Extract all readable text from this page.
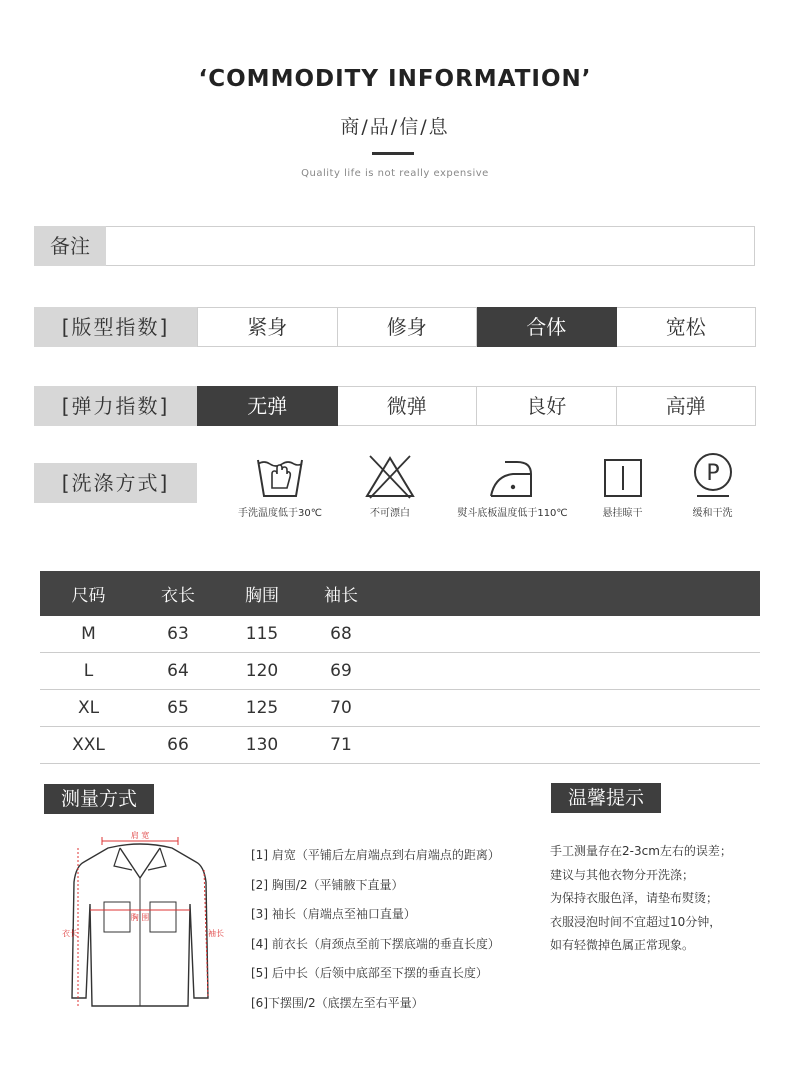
‘COMMODITY INFORMATION’
商/品/信/息
Quality life is not really expensive
备注
[版型指数]	紧身	修身	合体	宽松
[弹力指数]	无弹	微弹	良好	高弹
[洗涤方式]
手洗温度低于30℃	不可漂白	熨斗底板温度低于110℃	悬挂晾干
P
缓和干洗
尺码	衣长	胸围	袖长
M	63	115	68
L	64	120	69
XL	65	125	70
XXL	66	130	71
测量方式	温馨提示
肩 宽
胸 围
衣长	袖长
[1] 肩宽（平铺后左肩端点到右肩端点的距离）
[2] 胸围/2（平铺腋下直量）
[3] 袖长（肩端点至袖口直量）
[4] 前衣长（肩颈点至前下摆底端的垂直长度）
[5] 后中长（后领中底部至下摆的垂直长度）
[6]下摆围/2（底摆左至右平量）
手工测量存在2-3cm左右的误差；
建议与其他衣物分开洗涤；
为保持衣服色泽，请垫布熨烫；
衣服浸泡时间不宜超过10分钟，
如有轻微掉色属正常现象。
